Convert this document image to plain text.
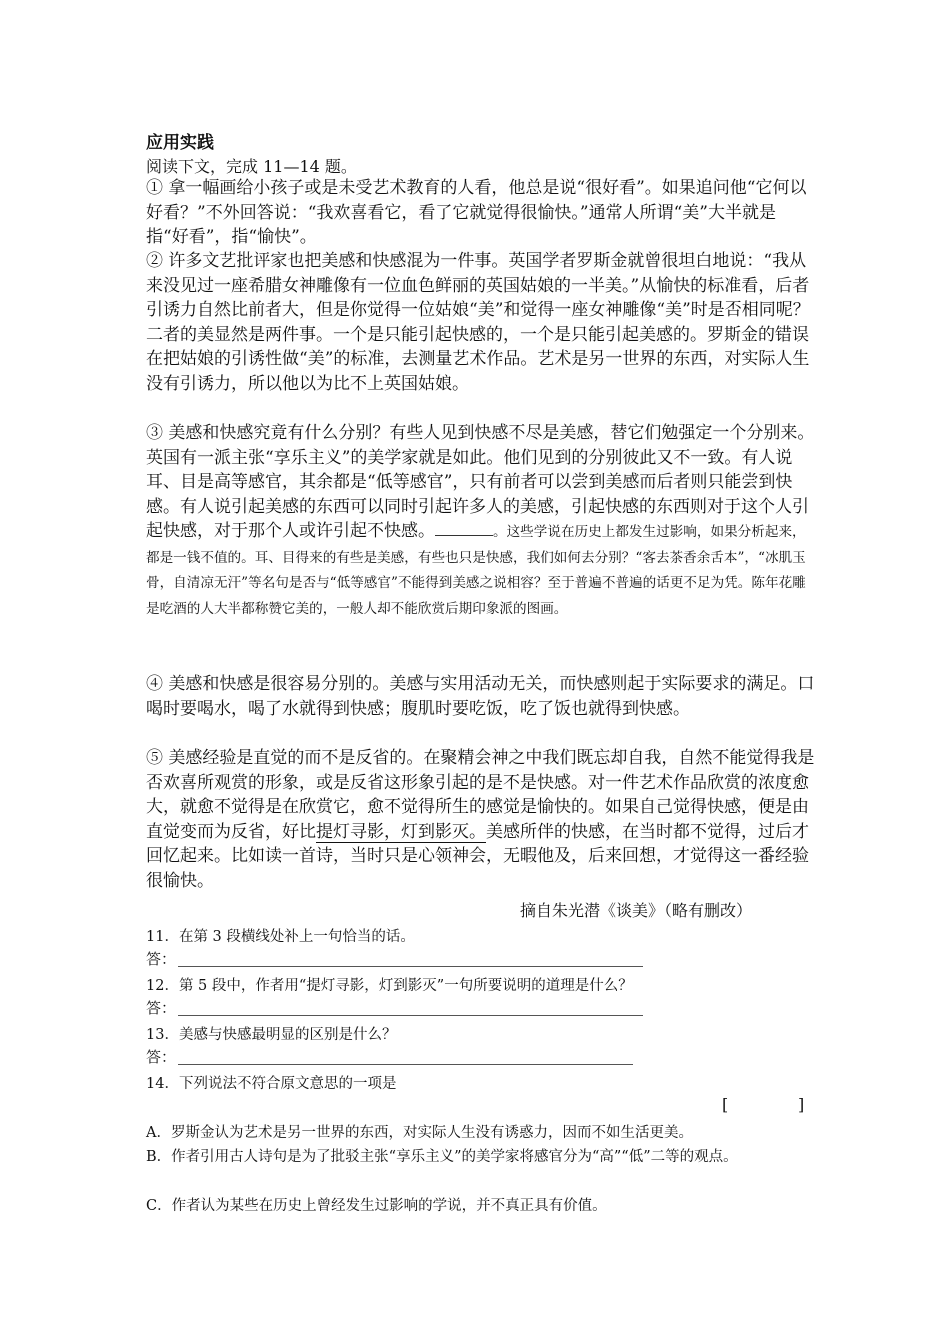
应用实践
阅读下文，完成 11—14 题。
① 拿一幅画给小孩子或是未受艺术教育的人看，他总是说“很好看”。如果追问他“它何以好看？”不外回答说：“我欢喜看它，看了它就觉得很愉快。”通常人所谓“美”大半就是指“好看”，指“愉快”。
② 许多文艺批评家也把美感和快感混为一件事。英国学者罗斯金就曾很坦白地说：“我从来没见过一座希腊女神雕像有一位血色鲜丽的英国姑娘的一半美。”从愉快的标准看，后者引诱力自然比前者大，但是你觉得一位姑娘“美”和觉得一座女神雕像“美”时是否相同呢？二者的美显然是两件事。一个是只能引起快感的，一个是只能引起美感的。罗斯金的错误在把姑娘的引诱性做“美”的标准，去测量艺术作品。艺术是另一世界的东西，对实际人生没有引诱力，所以他以为比不上英国姑娘。
③ 美感和快感究竟有什么分别？有些人见到快感不尽是美感，替它们勉强定一个分别来。英国有一派主张“享乐主义”的美学家就是如此。他们见到的分别彼此又不一致。有人说耳、目是高等感官，其余都是“低等感官”，只有前者可以尝到美感而后者则只能尝到快感。有人说引起美感的东西可以同时引起许多人的美感，引起快感的东西则对于这个人引起快感，对于那个人或许引起不快感。	。这些学说在历史上都发生过影响，如果分析起来，都是一钱不值的。耳、目得来的有些是美感，有些也只是快感，我们如何去分别？“客去茶香余舌本”，“冰肌玉骨，自清凉无汗”等名句是否与“低等感官”不能得到美感之说相容？至于普遍不普遍的话更不足为凭。陈年花雕是吃酒的人大半都称赞它美的，一般人却不能欣赏后期印象派的图画。
④ 美感和快感是很容易分别的。美感与实用活动无关，而快感则起于实际要求的满足。口喝时要喝水，喝了水就得到快感；腹肌时要吃饭，吃了饭也就得到快感。
⑤ 美感经验是直觉的而不是反省的。在聚精会神之中我们既忘却自我，自然不能觉得我是否欢喜所观赏的形象，或是反省这形象引起的是不是快感。对一件艺术作品欣赏的浓度愈大，就愈不觉得是在欣赏它，愈不觉得所生的感觉是愉快的。如果自己觉得快感，便是由直觉变而为反省，好比提灯寻影，灯到影灭。美感所伴的快感，在当时都不觉得，过后才回忆起来。比如读一首诗，当时只是心领神会，无暇他及，后来回想，才觉得这一番经验很愉快。
摘自朱光潜《谈美》（略有删改）
11．在第 3 段横线处补上一句恰当的话。
答：
12．第 5 段中，作者用“提灯寻影，灯到影灭”一句所要说明的道理是什么？
答：
13．美感与快感最明显的区别是什么？
答：
14．下列说法不符合原文意思的一项是
[	]
A．罗斯金认为艺术是另一世界的东西，对实际人生没有诱惑力，因而不如生活更美。
B．作者引用古人诗句是为了批驳主张“享乐主义”的美学家将感官分为“高”“低”二等的观点。
C．作者认为某些在历史上曾经发生过影响的学说，并不真正具有价值。
